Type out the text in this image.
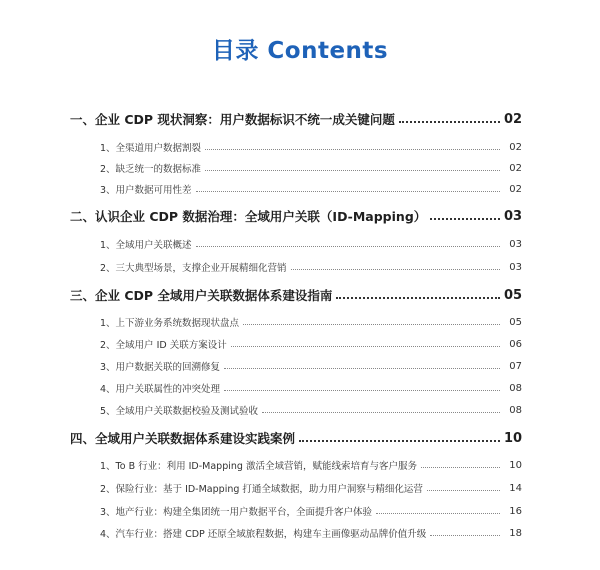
目录 Contents
一、企业 CDP 现状洞察：用户数据标识不统一成关键问题	02
1、全渠道用户数据割裂	02
2、缺乏统一的数据标准	02
3、用户数据可用性差	02
二、认识企业 CDP 数据治理：全域用户关联（ID-Mapping）	03
1、全域用户关联概述	03
2、三大典型场景，支撑企业开展精细化营销	03
三、企业 CDP 全域用户关联数据体系建设指南	05
1、上下游业务系统数据现状盘点	05
2、全域用户 ID 关联方案设计	06
3、用户数据关联的回溯修复	07
4、用户关联属性的冲突处理	08
5、全域用户关联数据校验及测试验收	08
四、全域用户关联数据体系建设实践案例	10
1、To B 行业：利用 ID-Mapping 激活全域营销，赋能线索培育与客户服务	10
2、保险行业：基于 ID-Mapping 打通全域数据，助力用户洞察与精细化运营	14
3、地产行业：构建全集团统一用户数据平台，全面提升客户体验	16
4、汽车行业：搭建 CDP 还原全域旅程数据，构建车主画像驱动品牌价值升级	18
